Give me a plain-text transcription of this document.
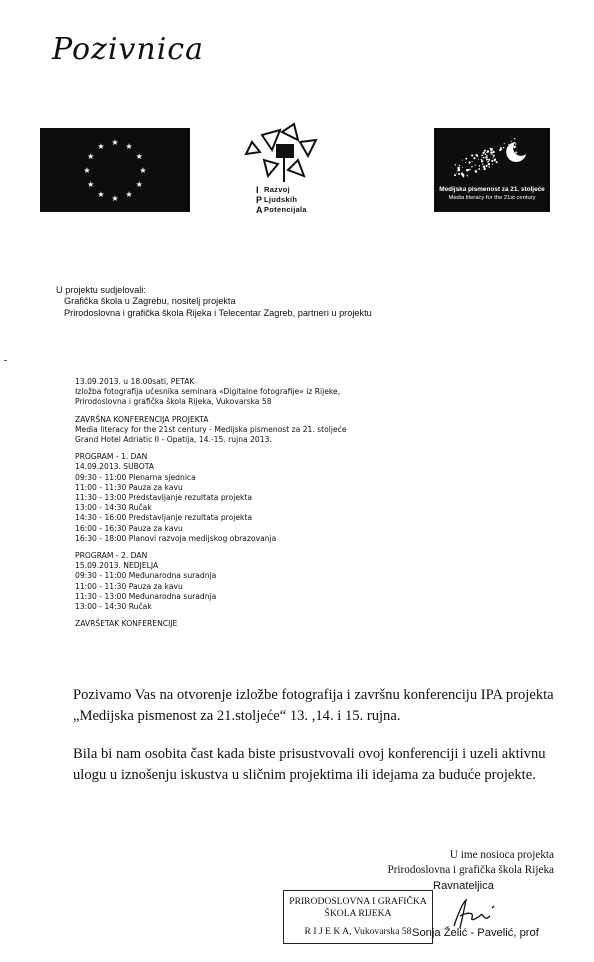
Pozivnica
★ ★
★
★
★
★
★
★
★
★
★
★
I
P
A
Razvoj
Ljudskih
Potencijala
Medijska pismenost za 21. stoljeće
Media literacy for the 21st century
U projektu sudjelovali:
Grafička škola u Zagrebu, nositelj projekta
Prirodoslovna i grafička škola Rijeka i Telecentar Zagreb, partneri u projektu
13.09.2013. u 18.00sati, PETAK
Izložba fotografija učesnika seminara «Digitalne fotografije» iz Rijeke,
Prirodoslovna i grafička škola Rijeka, Vukovarska 58
ZAVRŠNA KONFERENCIJA PROJEKTA
Media literacy for the 21st century - Medijska pismenost za 21. stoljeće
Grand Hotel Adriatic II - Opatija, 14.-15. rujna 2013.
PROGRAM - 1. DAN
14.09.2013. SUBOTA
09:30 - 11:00 Plenarna sjednica
11:00 - 11:30 Pauza za kavu
11:30 - 13:00 Predstavljanje rezultata projekta
13:00 - 14:30 Ručak
14:30 - 16:00 Predstavljanje rezultata projekta
16:00 - 16:30 Pauza za kavu
16:30 - 18:00 Planovi razvoja medijskog obrazovanja
PROGRAM - 2. DAN
15.09.2013. NEDJELJA
09:30 - 11:00 Međunarodna suradnja
11:00 - 11:30 Pauza za kavu
11:30 - 13:00 Međunarodna suradnja
13:00 - 14:30 Ručak
ZAVRŠETAK KONFERENCIJE
Pozivamo Vas na otvorenje izložbe fotografija i završnu konferenciju IPA projekta „Medijska pismenost za 21.stoljeće“ 13. ,14. i 15. rujna.
Bila bi nam osobita čast kada biste prisustvovali ovoj konferenciji i uzeli aktivnu ulogu u iznošenju iskustva u sličnim projektima ili idejama za buduće projekte.
U ime nosioca projekta
Prirodoslovna i grafička škola Rijeka
Ravnateljica
PRIRODOSLOVNA I GRAFIČKA
ŠKOLA RIJEKA
R I J E K A, Vukovarska 58 Sonja Želić - Pavelić, prof
